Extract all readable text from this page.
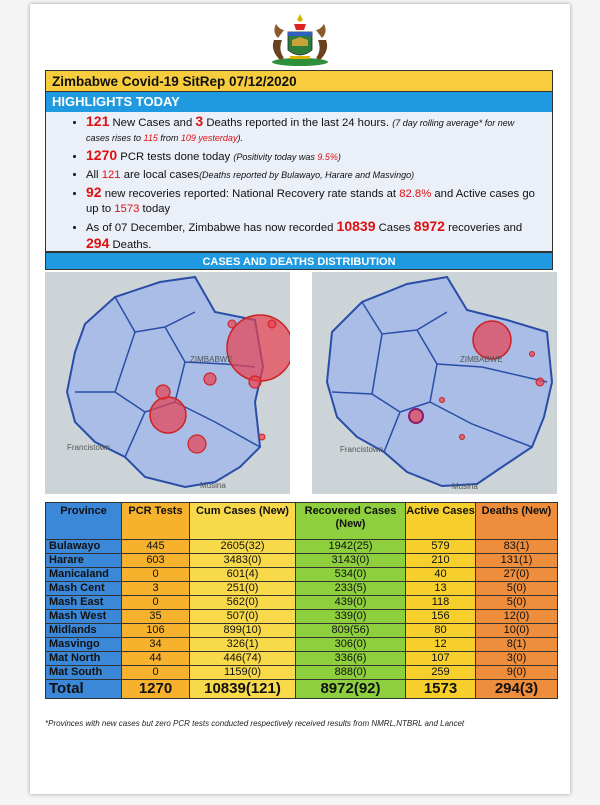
Zimbabwe Covid-19 SitRep 07/12/2020
HIGHLIGHTS TODAY
• 121 New Cases and 3 Deaths reported in the last 24 hours. (7 day rolling average* for new cases rises to 115 from 109 yesterday).
• 1270 PCR tests done today (Positivity today was 9.5%)
• All 121 are local cases(Deaths reported by Bulawayo, Harare and Masvingo)
• 92 new recoveries reported: National Recovery rate stands at 82.8% and Active cases go up to 1573 today
• As of 07 December, Zimbabwe has now recorded 10839 Cases 8972 recoveries and 294 Deaths.
CASES AND DEATHS DISTRIBUTION
ZIMBABWE
Francistown
Musina
ZIMBABWE
Francistown
Musina
Province	PCR Tests	Cum Cases (New)	Recovered Cases (New)	Active Cases	Deaths (New)
Bulawayo	445	2605(32)	1942(25)	579	83(1)
Harare	603	3483(0)	3143(0)	210	131(1)
Manicaland	0	601(4)	534(0)	40	27(0)
Mash Cent	3	251(0)	233(5)	13	5(0)
Mash East	0	562(0)	439(0)	118	5(0)
Mash West	35	507(0)	339(0)	156	12(0)
Midlands	106	899(10)	809(56)	80	10(0)
Masvingo	34	326(1)	306(0)	12	8(1)
Mat North	44	446(74)	336(6)	107	3(0)
Mat South	0	1159(0)	888(0)	259	9(0)
Total	1270	10839(121)	8972(92)	1573	294(3)
*Provinces with new cases but zero PCR tests conducted respectively received results from NMRL,NTBRL and Lancet
